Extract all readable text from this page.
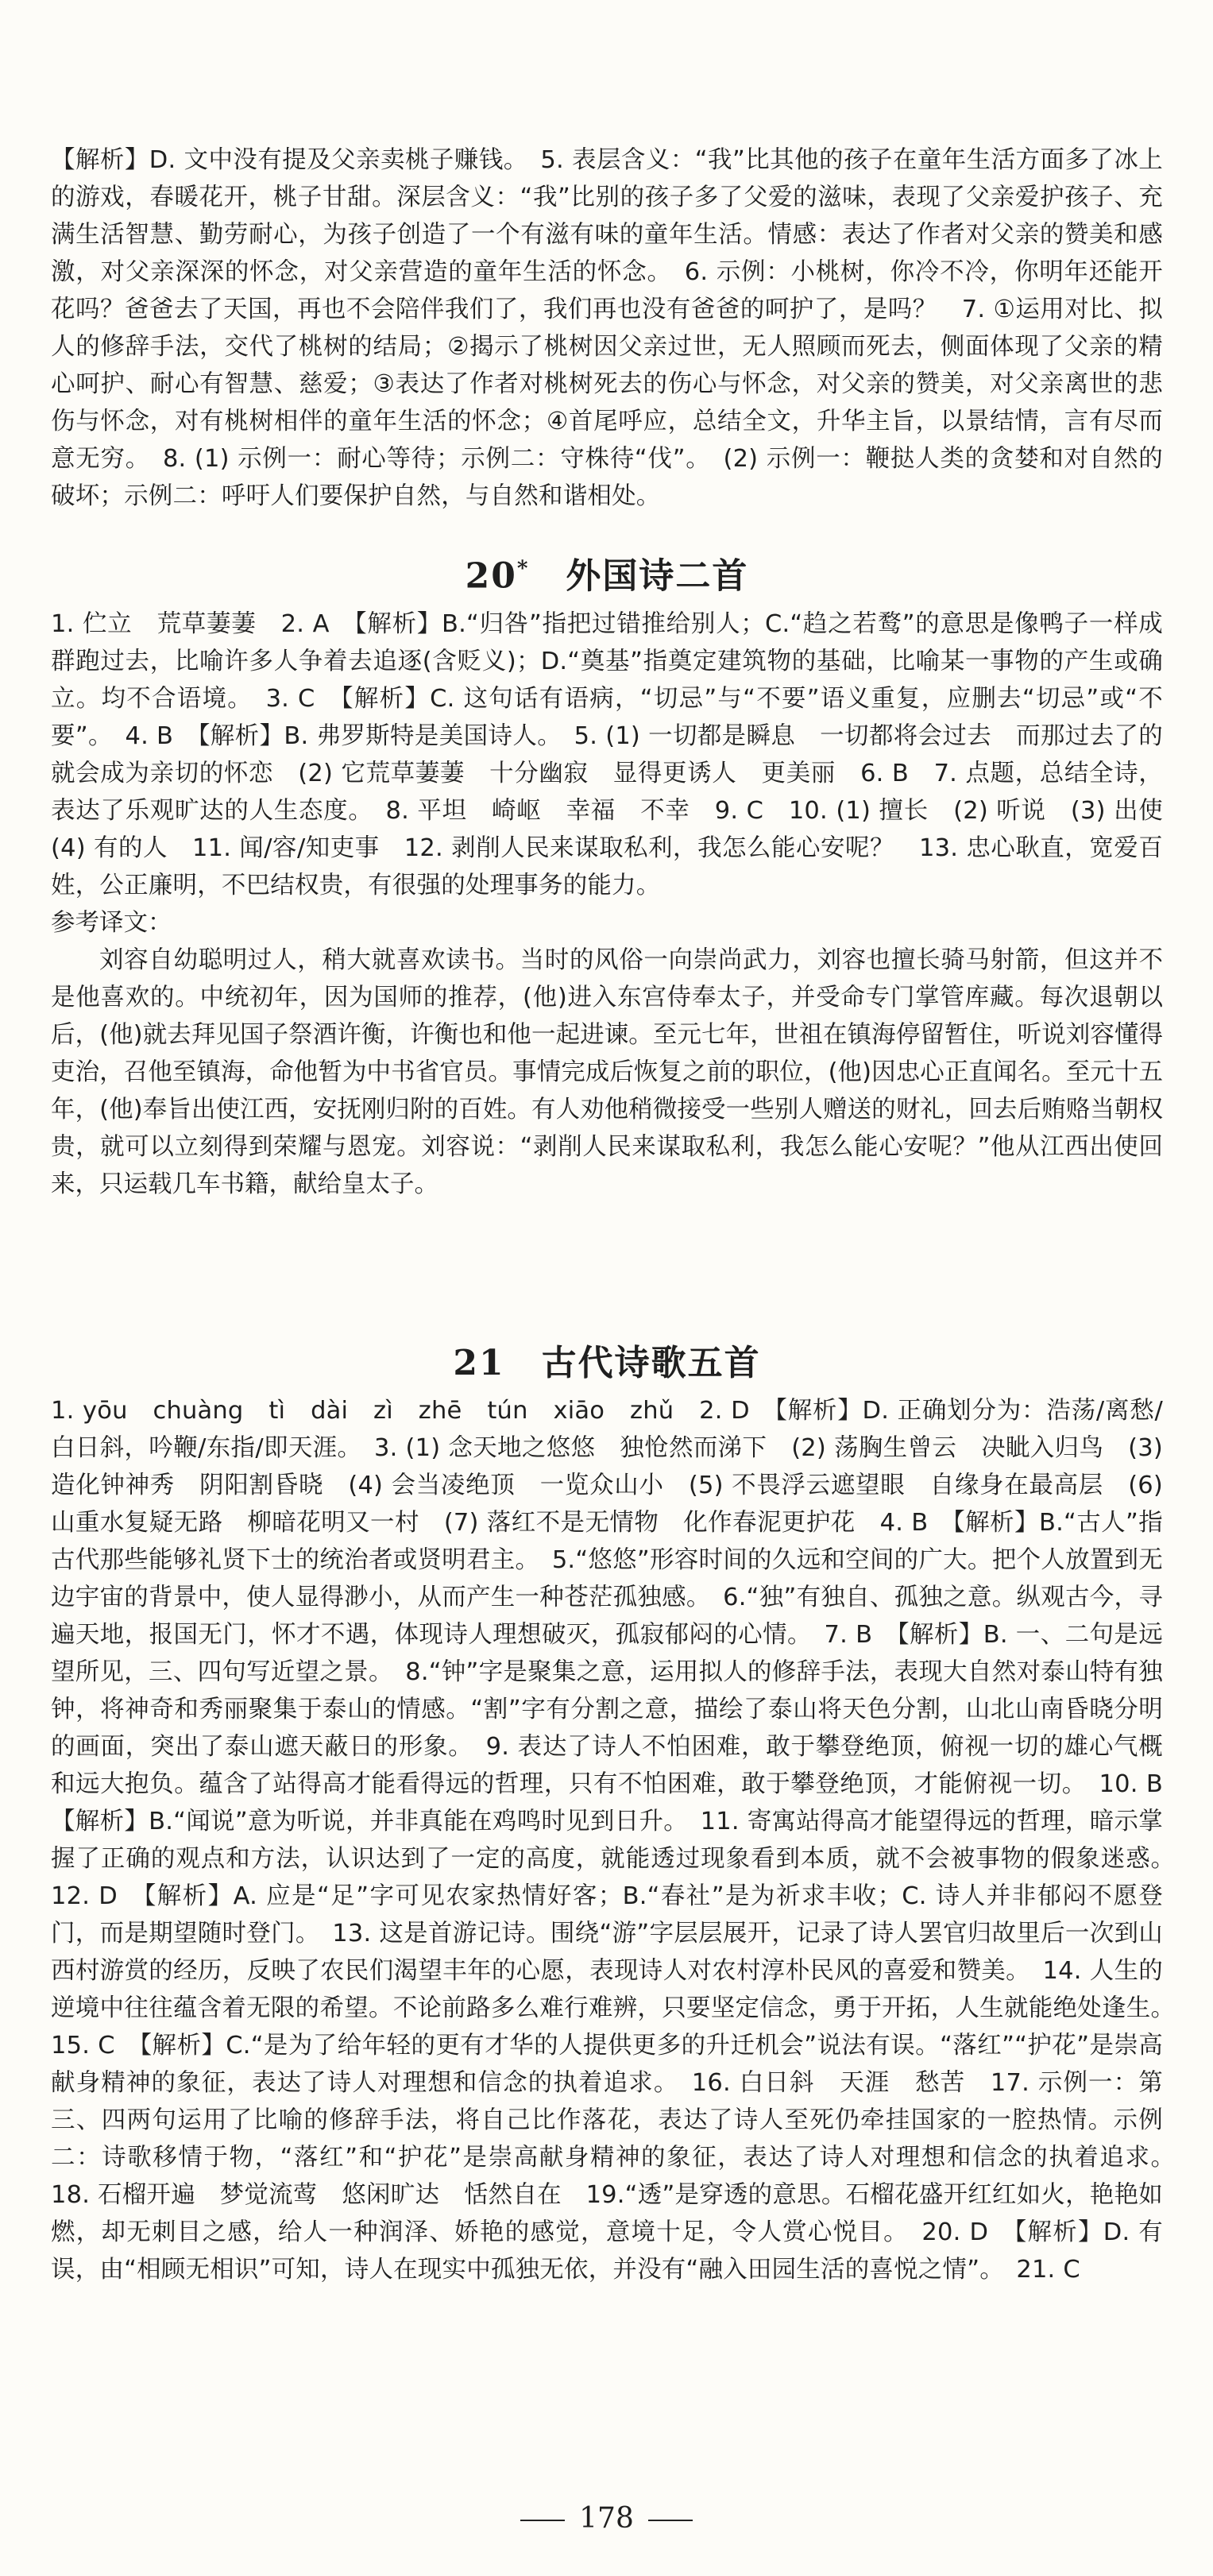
【解析】D. 文中没有提及父亲卖桃子赚钱。　5. 表层含义：“我”比其他的孩子在童年生活方面多了冰上的游戏，春暖花开，桃子甘甜。深层含义：“我”比别的孩子多了父爱的滋味，表现了父亲爱护孩子、充满生活智慧、勤劳耐心，为孩子创造了一个有滋有味的童年生活。情感：表达了作者对父亲的赞美和感激，对父亲深深的怀念，对父亲营造的童年生活的怀念。　6. 示例：小桃树，你冷不冷，你明年还能开花吗？爸爸去了天国，再也不会陪伴我们了，我们再也没有爸爸的呵护了，是吗？　7. ①运用对比、拟人的修辞手法，交代了桃树的结局；②揭示了桃树因父亲过世，无人照顾而死去，侧面体现了父亲的精心呵护、耐心有智慧、慈爱；③表达了作者对桃树死去的伤心与怀念，对父亲的赞美，对父亲离世的悲伤与怀念，对有桃树相伴的童年生活的怀念；④首尾呼应，总结全文，升华主旨，以景结情，言有尽而意无穷。　8. (1) 示例一：耐心等待；示例二：守株待“伐”。　(2) 示例一：鞭挞人类的贪婪和对自然的破坏；示例二：呼吁人们要保护自然，与自然和谐相处。

20*　 外国诗二首

1. 伫立　荒草萋萋　2. A　【解析】B.“归咎”指把过错推给别人；C.“趋之若鹜”的意思是像鸭子一样成群跑过去，比喻许多人争着去追逐(含贬义)；D.“奠基”指奠定建筑物的基础，比喻某一事物的产生或确立。均不合语境。　3. C　【解析】C. 这句话有语病，“切忌”与“不要”语义重复，应删去“切忌”或“不要”。　4. B　【解析】B. 弗罗斯特是美国诗人。　5. (1) 一切都是瞬息　一切都将会过去　而那过去了的　就会成为亲切的怀恋　(2) 它荒草萋萋　十分幽寂　显得更诱人　更美丽　6. B　7. 点题，总结全诗，表达了乐观旷达的人生态度。　8. 平坦　崎岖　幸福　不幸　9. C　10. (1) 擅长　(2) 听说　(3) 出使　(4) 有的人　11. 闻/容/知吏事　12. 剥削人民来谋取私利，我怎么能心安呢？　13. 忠心耿直，宽爱百姓，公正廉明，不巴结权贵，有很强的处理事务的能力。

参考译文：

刘容自幼聪明过人，稍大就喜欢读书。当时的风俗一向崇尚武力，刘容也擅长骑马射箭，但这并不是他喜欢的。中统初年，因为国师的推荐，(他)进入东宫侍奉太子，并受命专门掌管库藏。每次退朝以后，(他)就去拜见国子祭酒许衡，许衡也和他一起进谏。至元七年，世祖在镇海停留暂住，听说刘容懂得吏治，召他至镇海，命他暂为中书省官员。事情完成后恢复之前的职位，(他)因忠心正直闻名。至元十五年，(他)奉旨出使江西，安抚刚归附的百姓。有人劝他稍微接受一些别人赠送的财礼，回去后贿赂当朝权贵，就可以立刻得到荣耀与恩宠。刘容说：“剥削人民来谋取私利，我怎么能心安呢？”他从江西出使回来，只运载几车书籍，献给皇太子。

21　 古代诗歌五首

1. yōu　chuàng　tì　dài　zì　zhē　tún　xiāo　zhǔ　2. D　【解析】D. 正确划分为：浩荡/离愁/白日斜，吟鞭/东指/即天涯。　3. (1) 念天地之悠悠　独怆然而涕下　(2) 荡胸生曾云　决眦入归鸟　(3) 造化钟神秀　阴阳割昏晓　(4) 会当凌绝顶　一览众山小　(5) 不畏浮云遮望眼　自缘身在最高层　(6) 山重水复疑无路　柳暗花明又一村　(7) 落红不是无情物　化作春泥更护花　4. B　【解析】B.“古人”指古代那些能够礼贤下士的统治者或贤明君主。　5.“悠悠”形容时间的久远和空间的广大。把个人放置到无边宇宙的背景中，使人显得渺小，从而产生一种苍茫孤独感。　6.“独”有独自、孤独之意。纵观古今，寻遍天地，报国无门，怀才不遇，体现诗人理想破灭，孤寂郁闷的心情。　7. B　【解析】B. 一、二句是远望所见，三、四句写近望之景。　8.“钟”字是聚集之意，运用拟人的修辞手法，表现大自然对泰山特有独钟，将神奇和秀丽聚集于泰山的情感。“割”字有分割之意，描绘了泰山将天色分割，山北山南昏晓分明的画面，突出了泰山遮天蔽日的形象。　9. 表达了诗人不怕困难，敢于攀登绝顶，俯视一切的雄心气概和远大抱负。蕴含了站得高才能看得远的哲理，只有不怕困难，敢于攀登绝顶，才能俯视一切。　10. B　【解析】B.“闻说”意为听说，并非真能在鸡鸣时见到日升。　11. 寄寓站得高才能望得远的哲理，暗示掌握了正确的观点和方法，认识达到了一定的高度，就能透过现象看到本质，就不会被事物的假象迷惑。　12. D　【解析】A. 应是“足”字可见农家热情好客；B.“春社”是为祈求丰收；C. 诗人并非郁闷不愿登门，而是期望随时登门。　13. 这是首游记诗。围绕“游”字层层展开，记录了诗人罢官归故里后一次到山西村游赏的经历，反映了农民们渴望丰年的心愿，表现诗人对农村淳朴民风的喜爱和赞美。　14. 人生的逆境中往往蕴含着无限的希望。不论前路多么难行难辨，只要坚定信念，勇于开拓，人生就能绝处逢生。　15. C　【解析】C.“是为了给年轻的更有才华的人提供更多的升迁机会”说法有误。“落红”“护花”是崇高献身精神的象征，表达了诗人对理想和信念的执着追求。　16. 白日斜　天涯　愁苦　17. 示例一：第三、四两句运用了比喻的修辞手法，将自己比作落花，表达了诗人至死仍牵挂国家的一腔热情。示例二：诗歌移情于物，“落红”和“护花”是崇高献身精神的象征，表达了诗人对理想和信念的执着追求。　18. 石榴开遍　梦觉流莺　悠闲旷达　恬然自在　19.“透”是穿透的意思。石榴花盛开红红如火，艳艳如燃，却无刺目之感，给人一种润泽、娇艳的感觉，意境十足，令人赏心悦目。　20. D　【解析】D. 有误，由“相顾无相识”可知，诗人在现实中孤独无依，并没有“融入田园生活的喜悦之情”。　21. C

178
